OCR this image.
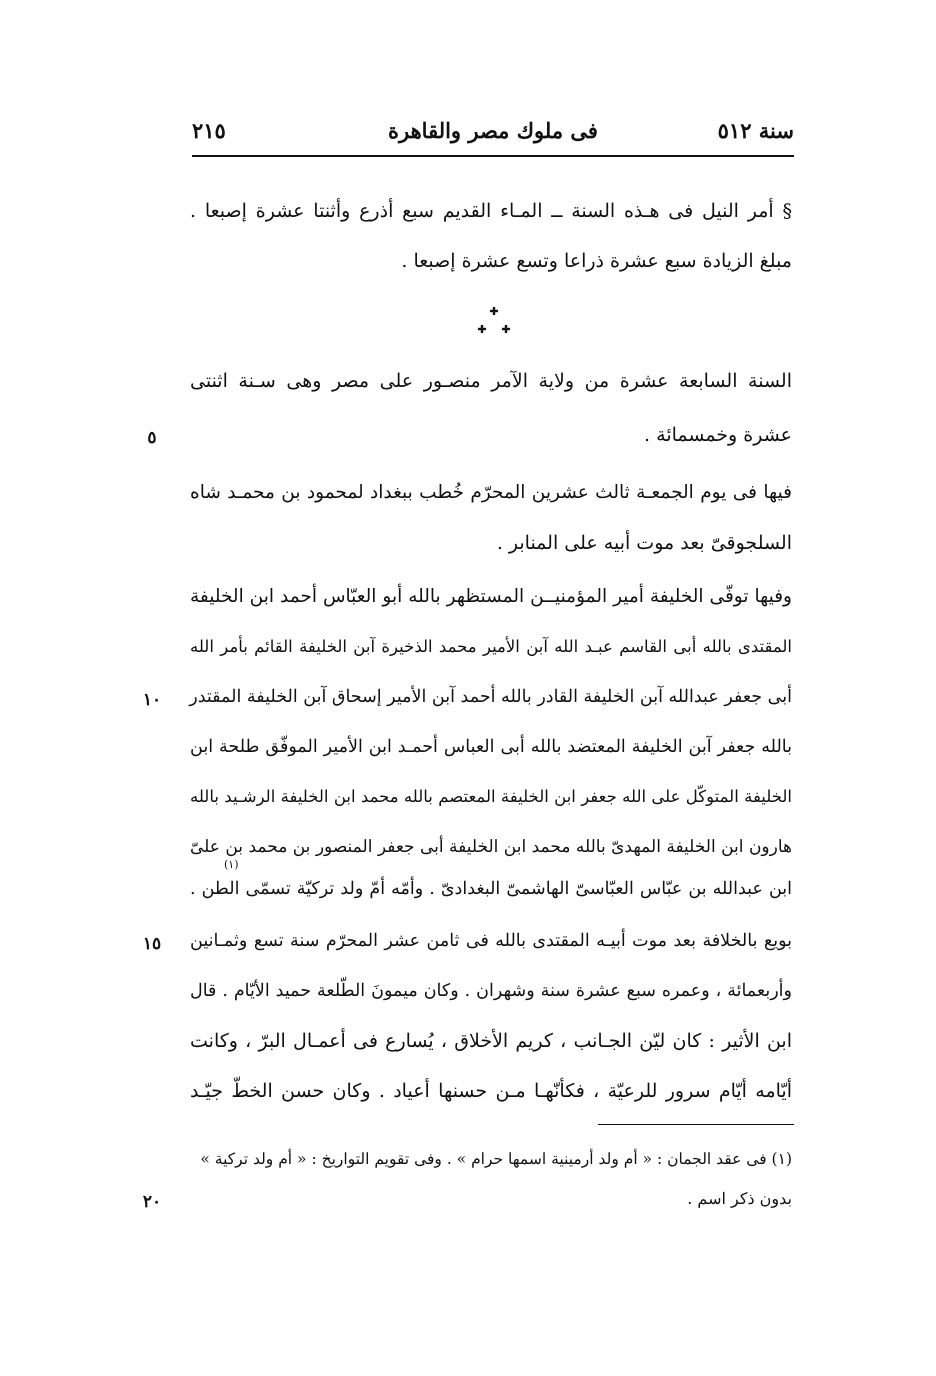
سنة ٥١٢
فى ملوك مصر والقاهرة
٢١٥
§ أمر النيل فى هـذه السنة ــ المـاء القديم سبع أذرع وأثنتا عشرة إصبعا .
مبلغ الزيادة سبع عشرة ذراعا وتسع عشرة إصبعا .
السنة السابعة عشرة من ولاية الآمر منصـور على مصر وهى سـنة اثنتى
عشرة وخمسمائة .
فيها فى يوم الجمعـة ثالث عشرين المحرّم خُطب ببغداد لمحمود بن محمـد شاه
السلجوقىّ بعد موت أبيه على المنابر .
وفيها توفّى الخليفة أمير المؤمنيــن المستظهر بالله أبو العبّاس أحمد ابن الخليفة
المقتدى بالله أبى القاسم عبـد الله آبن الأمير محمد الذخيرة آبن الخليفة القائم بأمر الله
أبى جعفر عبدالله آبن الخليفة القادر بالله أحمد آبن الأمير إسحاق آبن الخليفة المقتدر
بالله جعفر آبن الخليفة المعتضد بالله أبى العباس أحمـد ابن الأمير الموفّق طلحة ابن
الخليفة المتوكّل على الله جعفر ابن الخليفة المعتصم بالله محمد ابن الخليفة الرشـيد بالله
هارون ابن الخليفة المهدىّ بالله محمد ابن الخليفة أبى جعفر المنصور بن محمد بن علىّ
(١)
ابن عبدالله بن عبّاس العبّاسىّ الهاشمىّ البغدادىّ . وأمّه أمّ ولد تركيّة تسمّى الطن .
بويع بالخلافة بعد موت أبيـه المقتدى بالله فى ثامن عشر المحرّم سنة تسع وثمـانين
وأربعمائة ، وعمره سبع عشرة سنة وشهران . وكان ميمونَ الطّلعة حميد الأيّام . قال
ابن الأثير : كان ليّن الجـانب ، كريم الأخلاق ، يُسارع فى أعمـال البرّ ، وكانت
أيّامه أيّام سرور للرعيّة ، فكأنّهـا مـن حسنها أعياد . وكان حسن الخطّ جيّـد
(١) فى عقد الجمان : « أم ولد أرمينية اسمها حرام » . وفى تقويم التواريخ : « أم ولد تركية »
بدون ذكر اسم .
٥
١٠
١٥
٢٠
